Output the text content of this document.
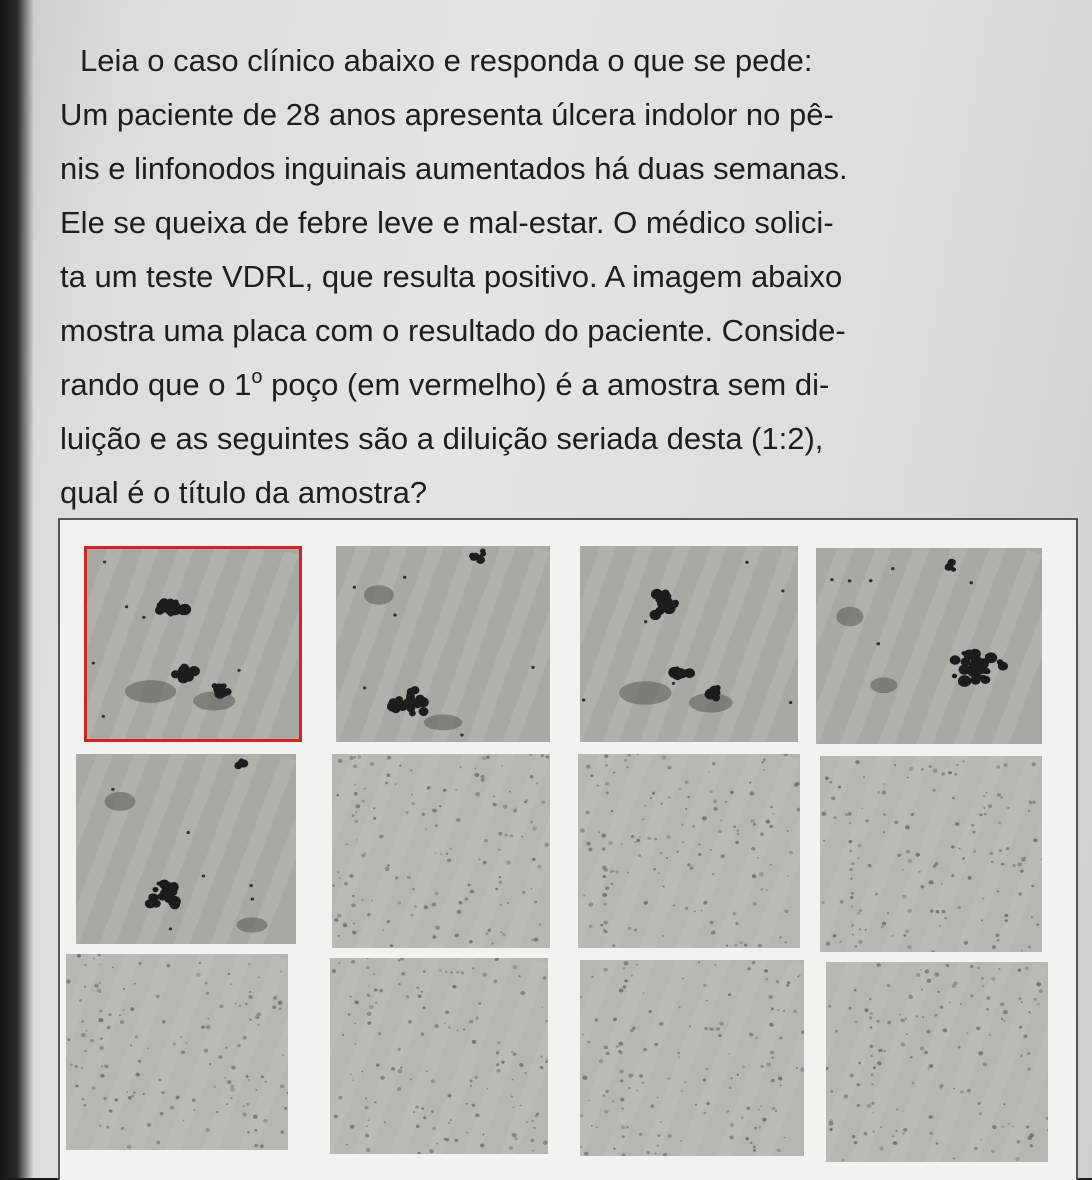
Leia o caso clínico abaixo e responda o que se pede:
Um paciente de 28 anos apresenta úlcera indolor no pê-
nis e linfonodos inguinais aumentados há duas semanas.
Ele se queixa de febre leve e mal-estar. O médico solici-
ta um teste VDRL, que resulta positivo. A imagem abaixo
mostra uma placa com o resultado do paciente. Conside-
rando que o 1$^o$ poço (em vermelho) é a amostra sem di-
luição e as seguintes são a diluição seriada desta (1:2),
qual é o título da amostra?
